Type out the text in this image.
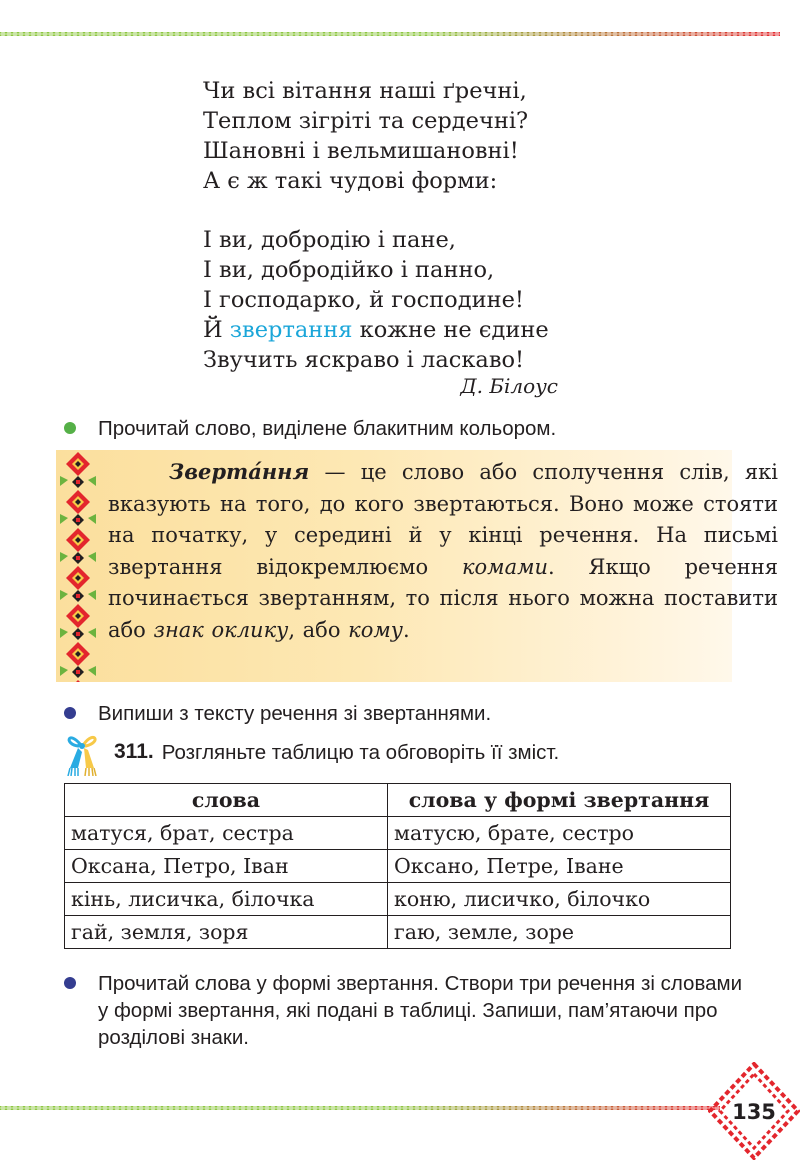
Чи всі вітання наші ґречні,
Теплом зігріті та сердечні?
Шановні і вельмишановні!
А є ж такі чудові форми:
І ви, добродію і пане,
І ви, добродійко і панно,
І господарко, й господине!
Й звертання кожне не єдине
Звучить яскраво і ласкаво!
Д. Білоус
Прочитай слово, виділене блакитним кольором.
Зверта́ння — це слово або сполучення слів, які вказують на того, до кого звертаються. Воно може стояти на початку, у середині й у кінці речення. На письмі звертання відокремлюємо комами. Якщо речення починається звертанням, то після нього можна поставити або знак оклику, або кому.
Випиши з тексту речення зі звертаннями.
311. Розгляньте таблицю та обговоріть її зміст.
слова	слова у формі звертання
матуся, брат, сестра	матусю, брате, сестро
Оксана, Петро, Іван	Оксано, Петре, Іване
кінь, лисичка, білочка	коню, лисичко, білочко
гай, земля, зоря	гаю, земле, зоре
Прочитай слова у формі звертання. Створи три речення зі словами у формі звертання, які подані в таблиці. Запиши, пам’ятаючи про розділові знаки.
135
